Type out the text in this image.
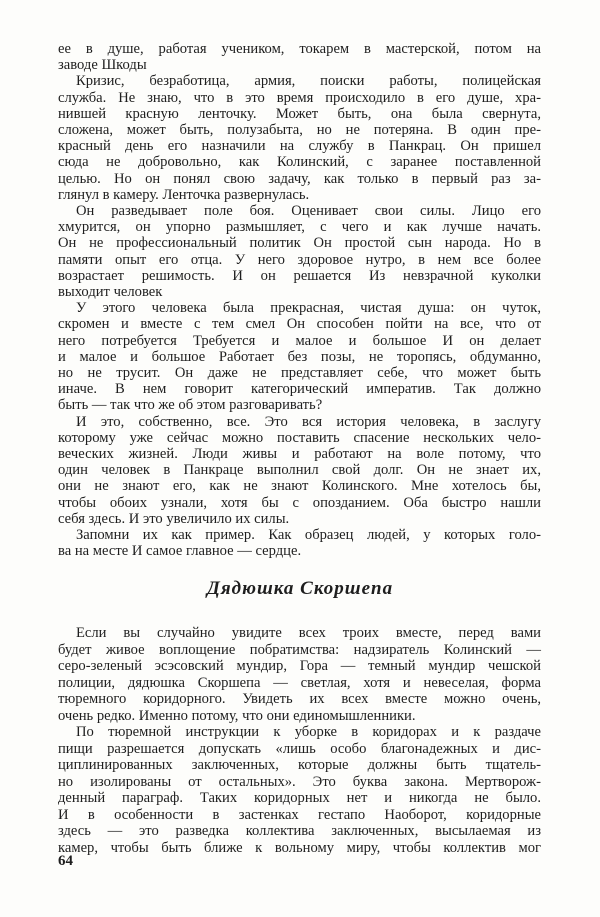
ее в душе, работая учеником, токарем в мастерской, потом на
заводе Шкоды
Кризис, безработица, армия, поиски работы, полицейская
служба. Не знаю, что в это время происходило в его душе, хра-
нившей красную ленточку. Может быть, она была свернута,
сложена, может быть, полузабыта, но не потеряна. В один пре-
красный день его назначили на службу в Панкрац. Он пришел
сюда не добровольно, как Колинский, с заранее поставленной
целью. Но он понял свою задачу, как только в первый раз за-
глянул в камеру. Ленточка развернулась.
Он разведывает поле боя. Оценивает свои силы. Лицо его
хмурится, он упорно размышляет, с чего и как лучше начать.
Он не профессиональный политик Он простой сын народа. Но в
памяти опыт его отца. У него здоровое нутро, в нем все более
возрастает решимость. И он решается Из невзрачной куколки
выходит человек
У этого человека была прекрасная, чистая душа: он чуток,
скромен и вместе с тем смел Он способен пойти на все, что от
него потребуется Требуется и малое и большое И он делает
и малое и большое Работает без позы, не торопясь, обдуманно,
но не трусит. Он даже не представляет себе, что может быть
иначе. В нем говорит категорический императив. Так должно
быть — так что же об этом разговаривать?
И это, собственно, все. Это вся история человека, в заслугу
которому уже сейчас можно поставить спасение нескольких чело-
веческих жизней. Люди живы и работают на воле потому, что
один человек в Панкраце выполнил свой долг. Он не знает их,
они не знают его, как не знают Колинского. Мне хотелось бы,
чтобы обоих узнали, хотя бы с опозданием. Оба быстро нашли
себя здесь. И это увеличило их силы.
Запомни их как пример. Как образец людей, у которых голо-
ва на месте И самое главное — сердце.
Дядюшка Скоршепа
Если вы случайно увидите всех троих вместе, перед вами
будет живое воплощение побратимства: надзиратель Колинский —
серо-зеленый эсэсовский мундир, Гора — темный мундир чешской
полиции, дядюшка Скоршепа — светлая, хотя и невеселая, форма
тюремного коридорного. Увидеть их всех вместе можно очень,
очень редко. Именно потому, что они единомышленники.
По тюремной инструкции к уборке в коридорах и к раздаче
пищи разрешается допускать «лишь особо благонадежных и дис-
циплинированных заключенных, которые должны быть тщатель-
но изолированы от остальных». Это буква закона. Мертворож-
денный параграф. Таких коридорных нет и никогда не было.
И в особенности в застенках гестапо Наоборот, коридорные
здесь — это разведка коллектива заключенных, высылаемая из
камер, чтобы быть ближе к вольному миру, чтобы коллектив мог
64
